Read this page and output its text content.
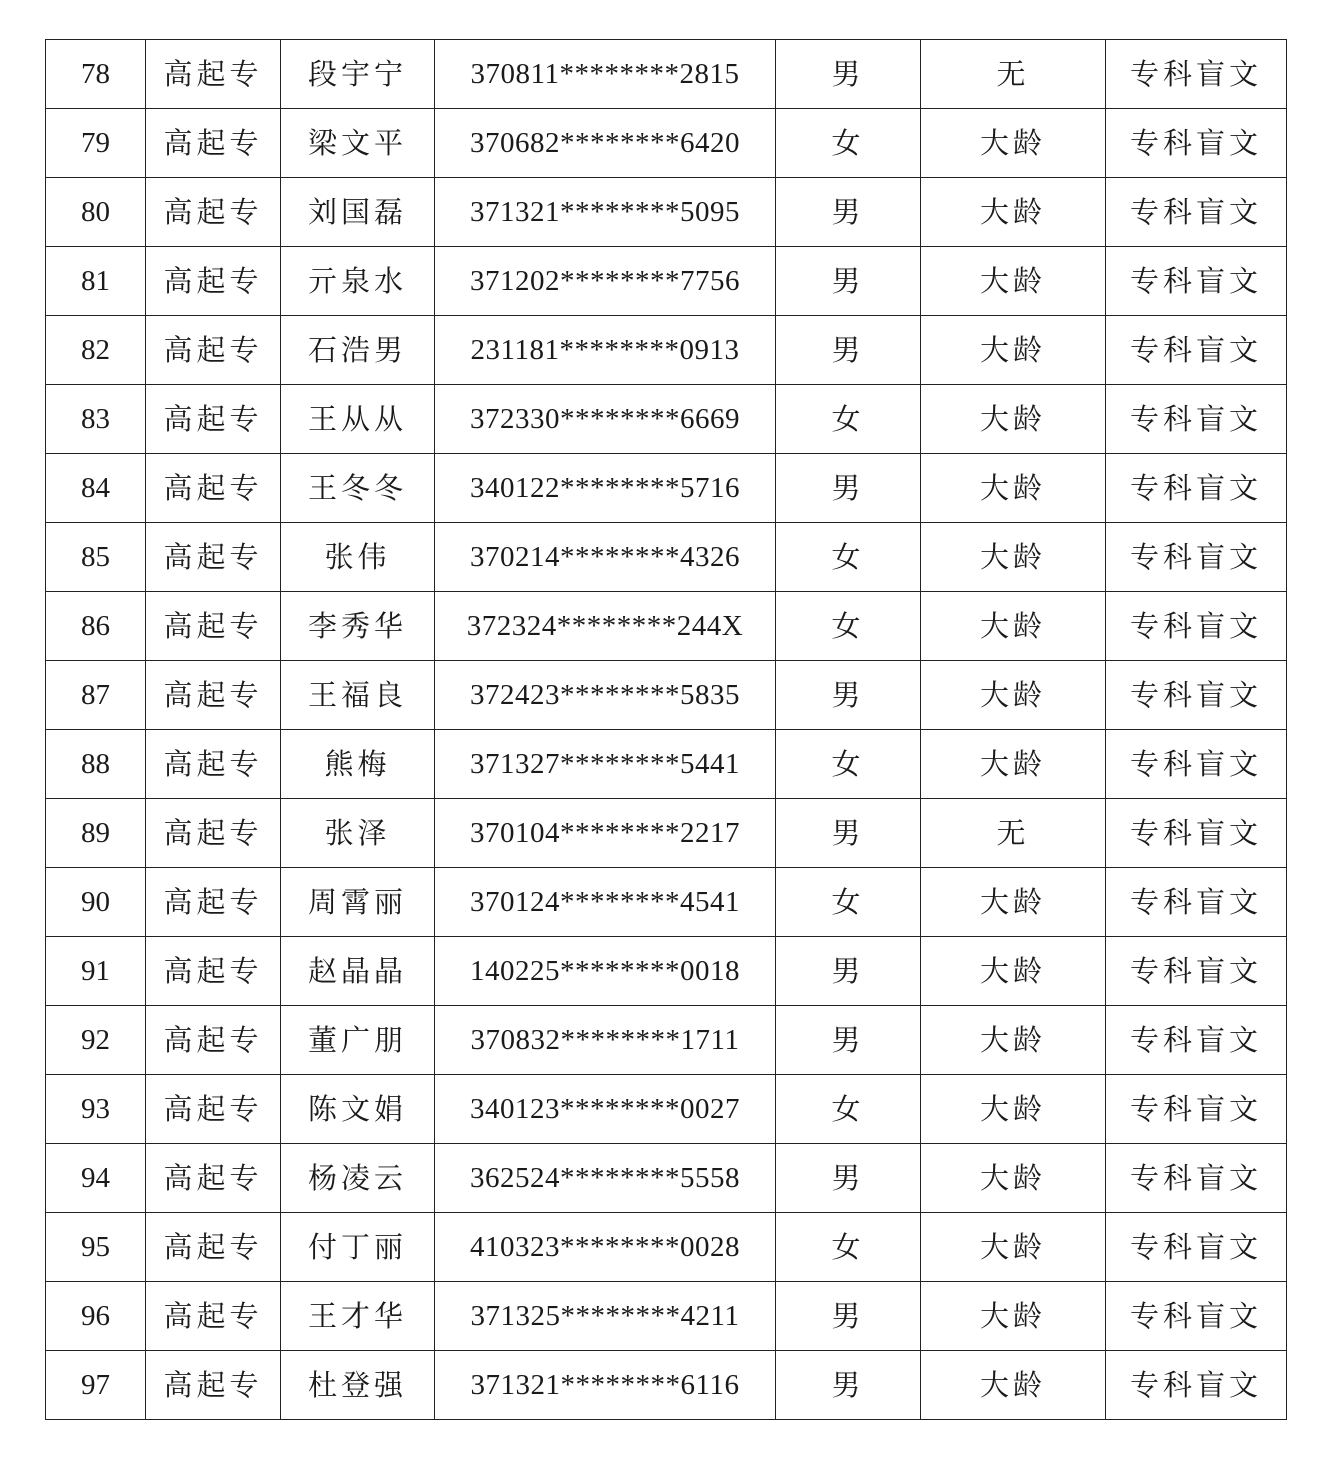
78	高起专	段宇宁	370811********2815	男	无	专科盲文
79	高起专	梁文平	370682********6420	女	大龄	专科盲文
80	高起专	刘国磊	371321********5095	男	大龄	专科盲文
81	高起专	亓泉水	371202********7756	男	大龄	专科盲文
82	高起专	石浩男	231181********0913	男	大龄	专科盲文
83	高起专	王从从	372330********6669	女	大龄	专科盲文
84	高起专	王冬冬	340122********5716	男	大龄	专科盲文
85	高起专	张伟	370214********4326	女	大龄	专科盲文
86	高起专	李秀华	372324********244X	女	大龄	专科盲文
87	高起专	王福良	372423********5835	男	大龄	专科盲文
88	高起专	熊梅	371327********5441	女	大龄	专科盲文
89	高起专	张泽	370104********2217	男	无	专科盲文
90	高起专	周霄丽	370124********4541	女	大龄	专科盲文
91	高起专	赵晶晶	140225********0018	男	大龄	专科盲文
92	高起专	董广朋	370832********1711	男	大龄	专科盲文
93	高起专	陈文娟	340123********0027	女	大龄	专科盲文
94	高起专	杨凌云	362524********5558	男	大龄	专科盲文
95	高起专	付丁丽	410323********0028	女	大龄	专科盲文
96	高起专	王才华	371325********4211	男	大龄	专科盲文
97	高起专	杜登强	371321********6116	男	大龄	专科盲文
